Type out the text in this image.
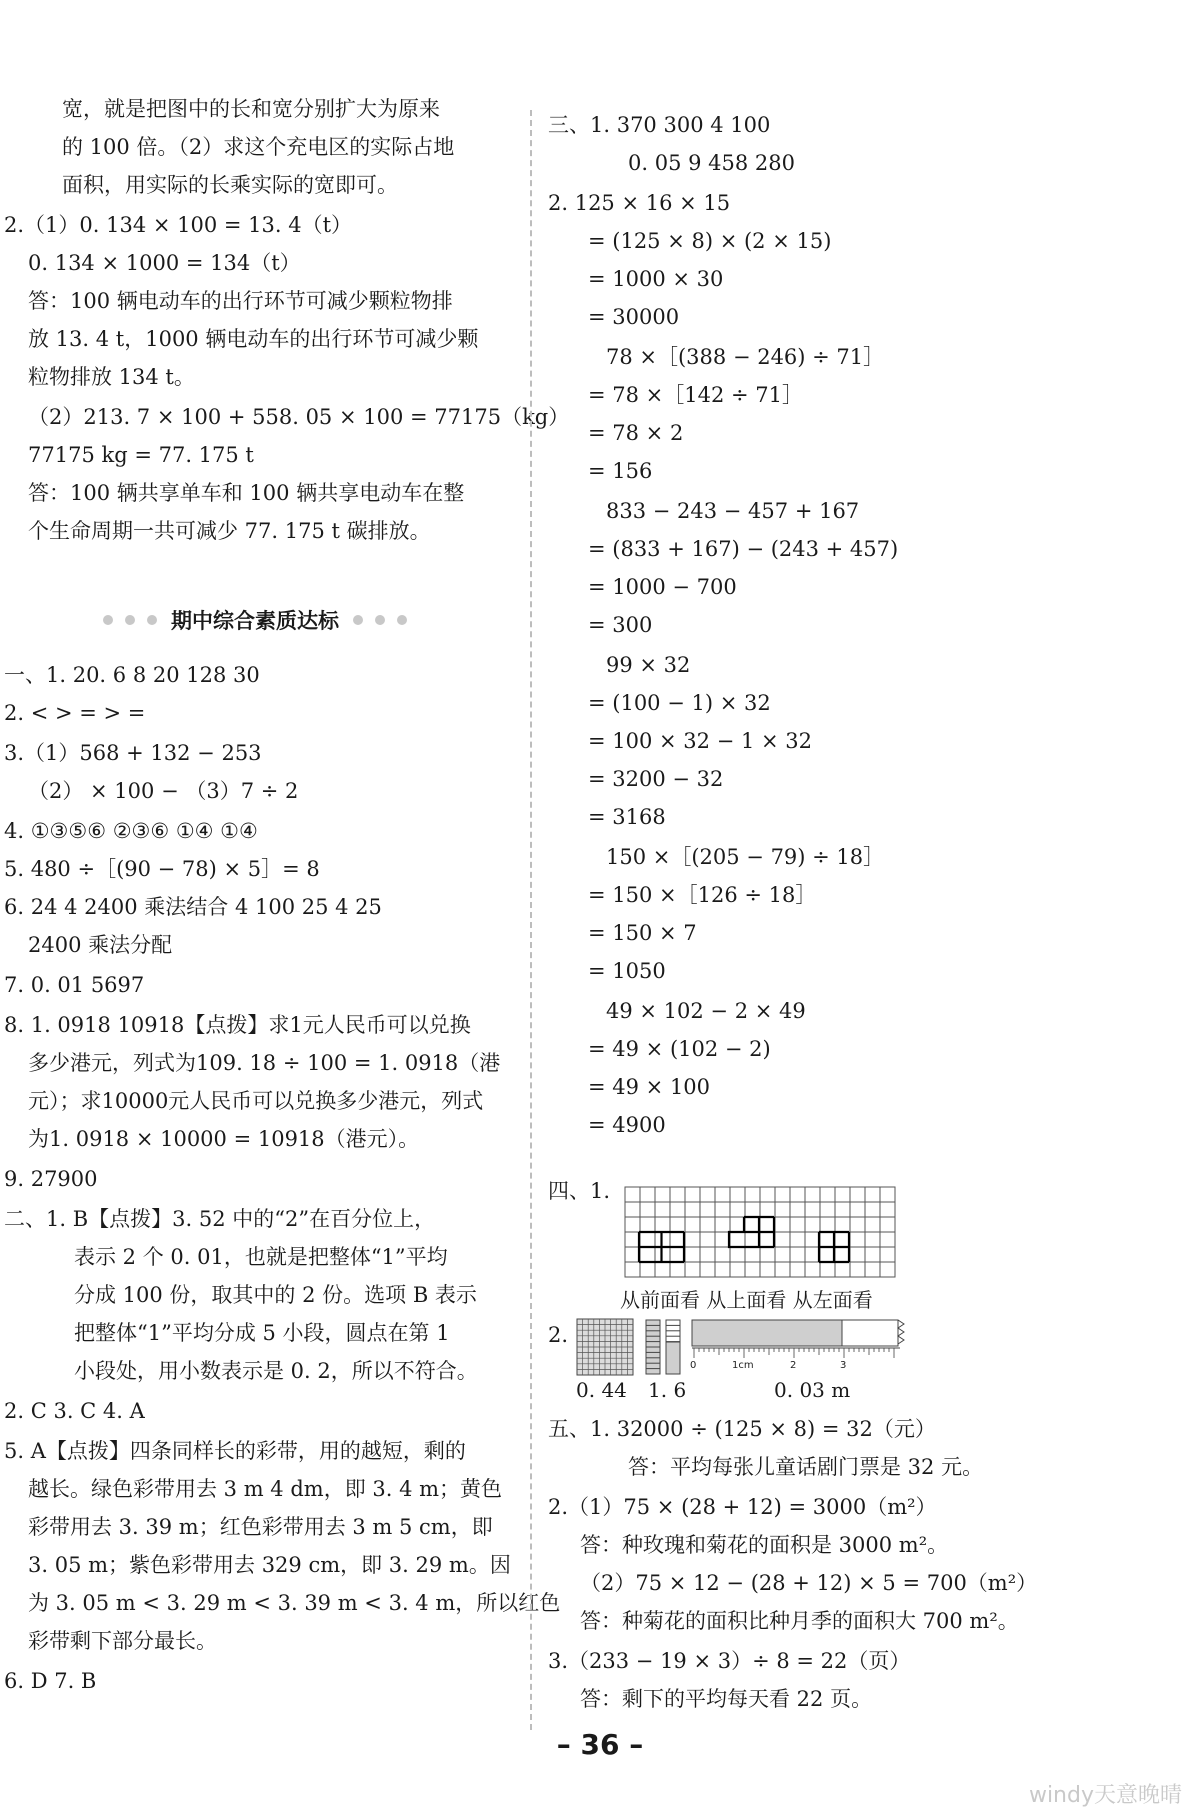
宽，就是把图中的长和宽分别扩大为原来
的 100 倍。（2）求这个充电区的实际占地
面积，用实际的长乘实际的宽即可。
2.（1）0. 134 × 100 = 13. 4（t）
0. 134 × 1000 = 134（t）
答：100 辆电动车的出行环节可减少颗粒物排
放 13. 4 t，1000 辆电动车的出行环节可减少颗
粒物排放 134 t。
（2）213. 7 × 100 + 558. 05 × 100 = 77175（kg）
77175 kg = 77. 175 t
答：100 辆共享单车和 100 辆共享电动车在整
个生命周期一共可减少 77. 175 t 碳排放。
期中综合素质达标
一、1. 20. 6 8 20 128 30
2. < > = > =
3.（1）568 + 132 − 253
（2） × 100 − （3）7 ÷ 2
4. ①③⑤⑥ ②③⑥ ①④ ①④
5. 480 ÷［(90 − 78) × 5］= 8
6. 24 4 2400 乘法结合 4 100 25 4 25
2400 乘法分配
7. 0. 01 5697
8. 1. 0918 10918【点拨】求1元人民币可以兑换
多少港元，列式为109. 18 ÷ 100 = 1. 0918（港
元）；求10000元人民币可以兑换多少港元，列式
为1. 0918 × 10000 = 10918（港元）。
9. 27900
二、1. B【点拨】3. 52 中的“2”在百分位上，
表示 2 个 0. 01，也就是把整体“1”平均
分成 100 份，取其中的 2 份。选项 B 表示
把整体“1”平均分成 5 小段，圆点在第 1
小段处，用小数表示是 0. 2，所以不符合。
2. C 3. C 4. A
5. A【点拨】四条同样长的彩带，用的越短，剩的
越长。绿色彩带用去 3 m 4 dm，即 3. 4 m；黄色
彩带用去 3. 39 m；红色彩带用去 3 m 5 cm，即
3. 05 m；紫色彩带用去 329 cm，即 3. 29 m。因
为 3. 05 m < 3. 29 m < 3. 39 m < 3. 4 m，所以红色
彩带剩下部分最长。
6. D 7. B
三、1. 370 300 4 100
0. 05 9 458 280
2. 125 × 16 × 15
= (125 × 8) × (2 × 15)
= 1000 × 30
= 30000
78 ×［(388 − 246) ÷ 71］
= 78 ×［142 ÷ 71］
= 78 × 2
= 156
833 − 243 − 457 + 167
= (833 + 167) − (243 + 457)
= 1000 − 700
= 300
99 × 32
= (100 − 1) × 32
= 100 × 32 − 1 × 32
= 3200 − 32
= 3168
150 ×［(205 − 79) ÷ 18］
= 150 ×［126 ÷ 18］
= 150 × 7
= 1050
49 × 102 − 2 × 49
= 49 × (102 − 2)
= 49 × 100
= 4900
四、1.
从前面看 从上面看 从左面看
2.
0	1cm	2	3
0. 44 1. 6	0. 03 m
五、1. 32000 ÷ (125 × 8) = 32（元）
答：平均每张儿童话剧门票是 32 元。
2.（1）75 × (28 + 12) = 3000（m²）
答：种玫瑰和菊花的面积是 3000 m²。
（2）75 × 12 − (28 + 12) × 5 = 700（m²）
答：种菊花的面积比种月季的面积大 700 m²。
3.（233 − 19 × 3）÷ 8 = 22（页）
答：剩下的平均每天看 22 页。
– 36 –
windy天意晚晴
